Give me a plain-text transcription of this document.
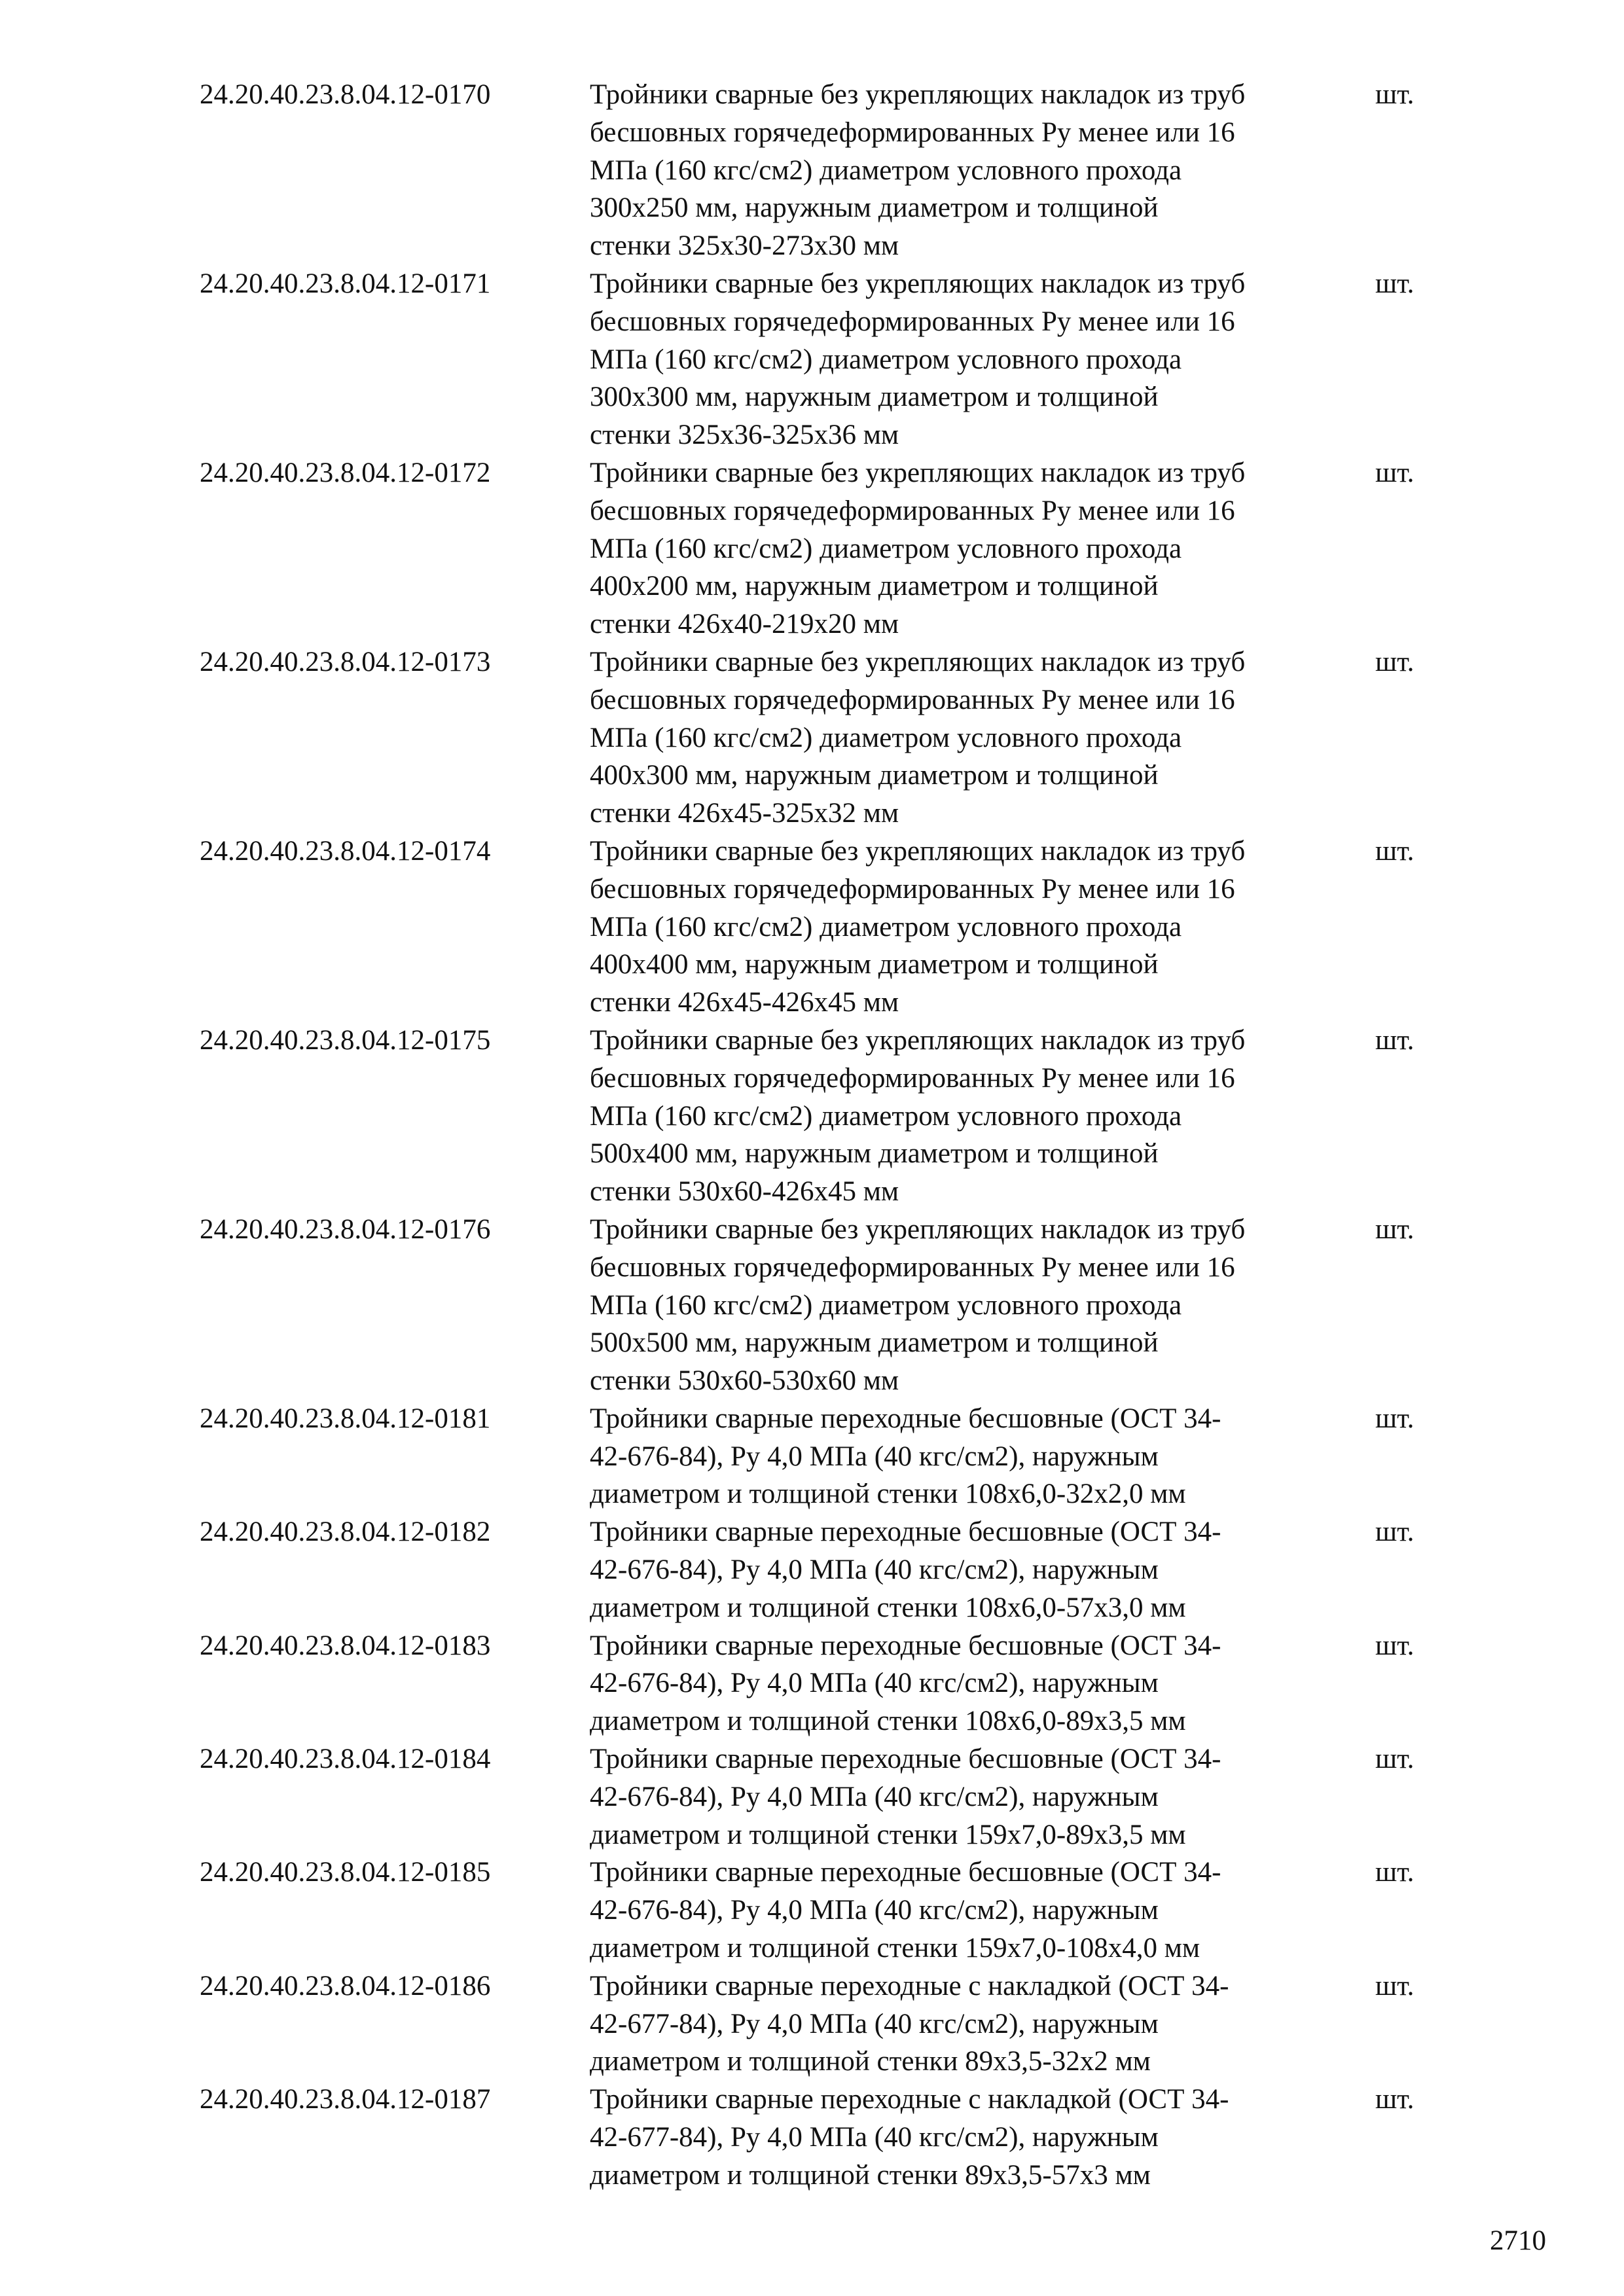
24.20.40.23.8.04.12-0170	Тройники сварные без укрепляющих накладок из труб
бесшовных горячедеформированных Ру менее или 16
МПа (160 кгс/см2) диаметром условного прохода
300х250 мм, наружным диаметром и толщиной
стенки 325х30-273х30 мм
шт.
24.20.40.23.8.04.12-0171	Тройники сварные без укрепляющих накладок из труб
бесшовных горячедеформированных Ру менее или 16
МПа (160 кгс/см2) диаметром условного прохода
300х300 мм, наружным диаметром и толщиной
стенки 325х36-325х36 мм
шт.
24.20.40.23.8.04.12-0172	Тройники сварные без укрепляющих накладок из труб
бесшовных горячедеформированных Ру менее или 16
МПа (160 кгс/см2) диаметром условного прохода
400х200 мм, наружным диаметром и толщиной
стенки 426х40-219х20 мм
шт.
24.20.40.23.8.04.12-0173	Тройники сварные без укрепляющих накладок из труб
бесшовных горячедеформированных Ру менее или 16
МПа (160 кгс/см2) диаметром условного прохода
400х300 мм, наружным диаметром и толщиной
стенки 426х45-325х32 мм
шт.
24.20.40.23.8.04.12-0174	Тройники сварные без укрепляющих накладок из труб
бесшовных горячедеформированных Ру менее или 16
МПа (160 кгс/см2) диаметром условного прохода
400х400 мм, наружным диаметром и толщиной
стенки 426х45-426х45 мм
шт.
24.20.40.23.8.04.12-0175	Тройники сварные без укрепляющих накладок из труб
бесшовных горячедеформированных Ру менее или 16
МПа (160 кгс/см2) диаметром условного прохода
500х400 мм, наружным диаметром и толщиной
стенки 530х60-426х45 мм
шт.
24.20.40.23.8.04.12-0176	Тройники сварные без укрепляющих накладок из труб
бесшовных горячедеформированных Ру менее или 16
МПа (160 кгс/см2) диаметром условного прохода
500х500 мм, наружным диаметром и толщиной
стенки 530х60-530х60 мм
шт.
24.20.40.23.8.04.12-0181	Тройники сварные переходные бесшовные (ОСТ 34-
42-676-84), Ру 4,0 МПа (40 кгс/см2), наружным
диаметром и толщиной стенки 108х6,0-32х2,0 мм
шт.
24.20.40.23.8.04.12-0182	Тройники сварные переходные бесшовные (ОСТ 34-
42-676-84), Ру 4,0 МПа (40 кгс/см2), наружным
диаметром и толщиной стенки 108х6,0-57х3,0 мм
шт.
24.20.40.23.8.04.12-0183	Тройники сварные переходные бесшовные (ОСТ 34-
42-676-84), Ру 4,0 МПа (40 кгс/см2), наружным
диаметром и толщиной стенки 108х6,0-89х3,5 мм
шт.
24.20.40.23.8.04.12-0184	Тройники сварные переходные бесшовные (ОСТ 34-
42-676-84), Ру 4,0 МПа (40 кгс/см2), наружным
диаметром и толщиной стенки 159х7,0-89х3,5 мм
шт.
24.20.40.23.8.04.12-0185	Тройники сварные переходные бесшовные (ОСТ 34-
42-676-84), Ру 4,0 МПа (40 кгс/см2), наружным
диаметром и толщиной стенки 159х7,0-108х4,0 мм
шт.
24.20.40.23.8.04.12-0186	Тройники сварные переходные с накладкой (ОСТ 34-
42-677-84), Ру 4,0 МПа (40 кгс/см2), наружным
диаметром и толщиной стенки 89х3,5-32х2 мм
шт.
24.20.40.23.8.04.12-0187	Тройники сварные переходные с накладкой (ОСТ 34-
42-677-84), Ру 4,0 МПа (40 кгс/см2), наружным
диаметром и толщиной стенки 89х3,5-57х3 мм
шт.
2710
